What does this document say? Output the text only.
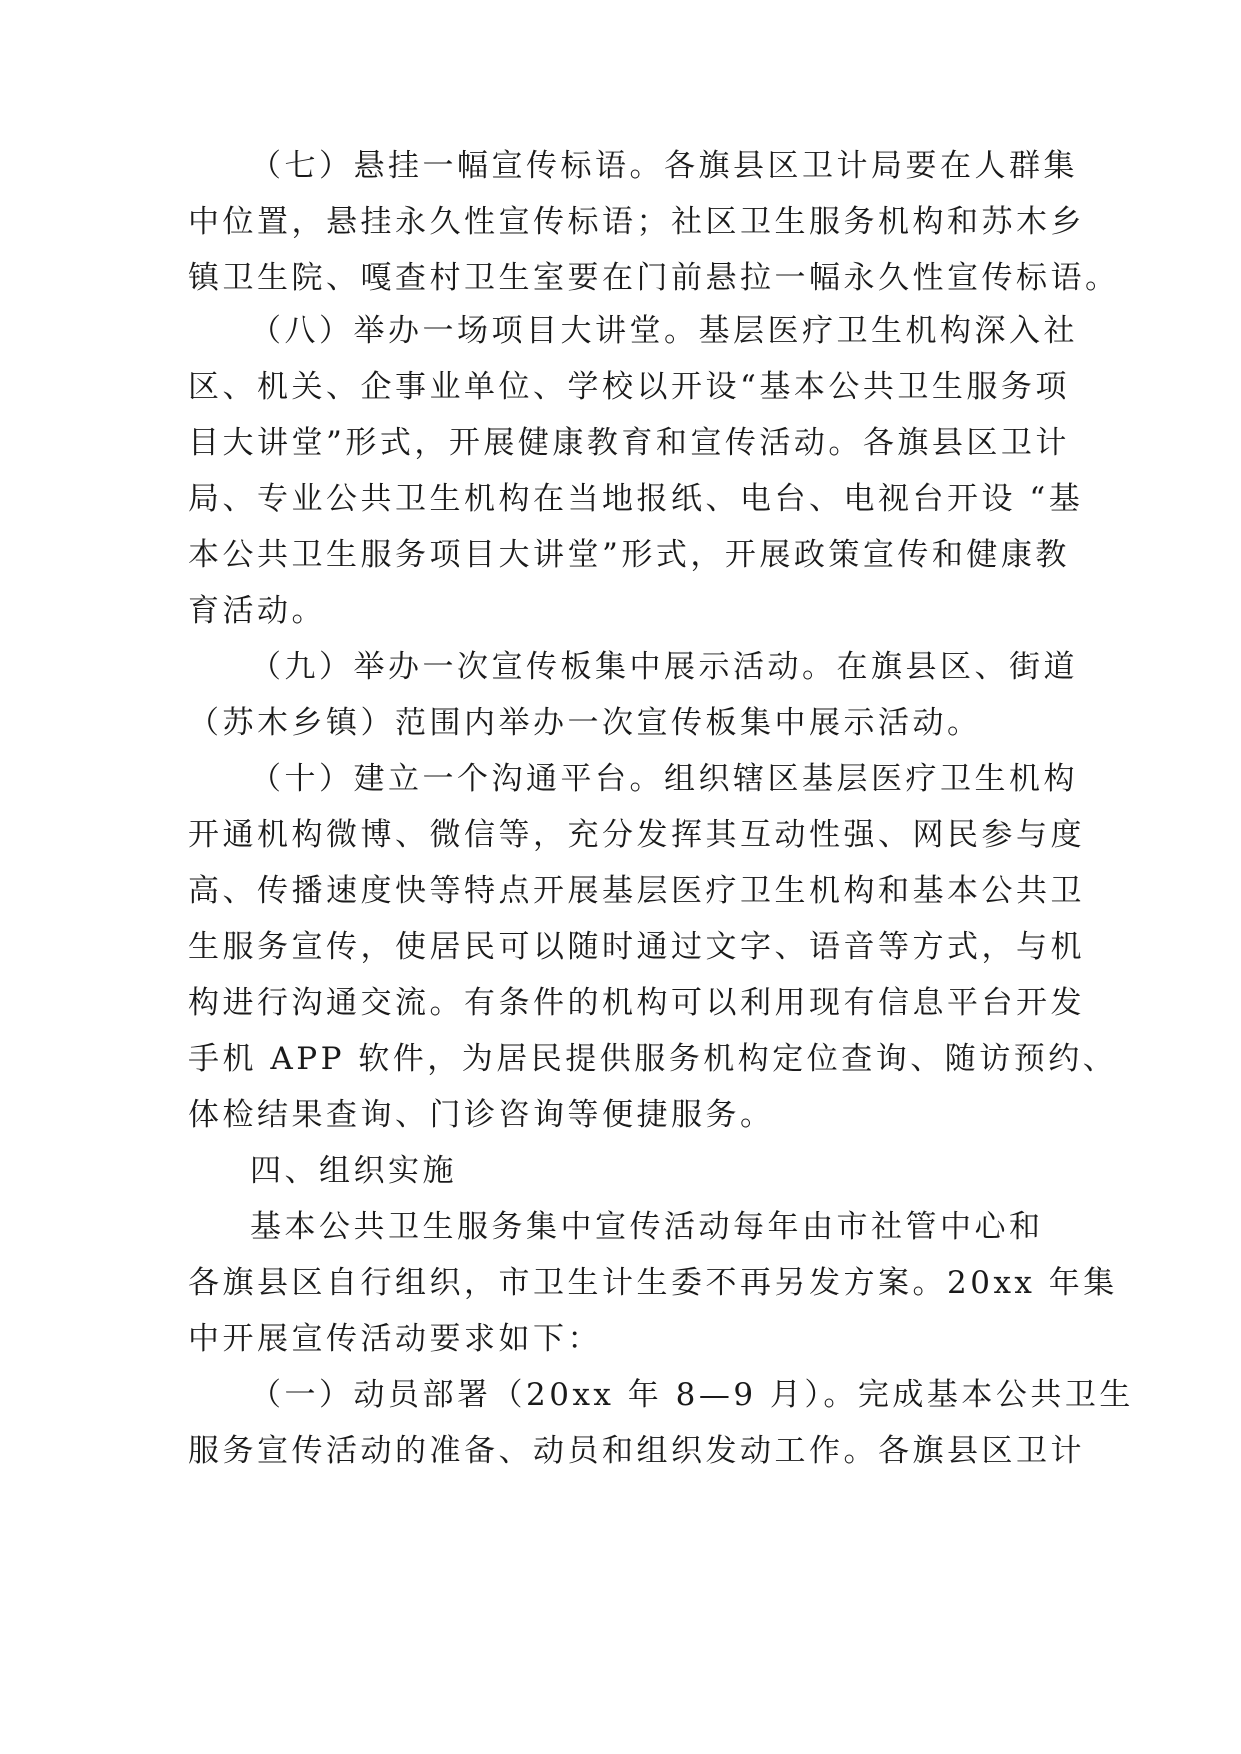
（七）悬挂一幅宣传标语。各旗县区卫计局要在人群集
中位置，悬挂永久性宣传标语；社区卫生服务机构和苏木乡
镇卫生院、嘎查村卫生室要在门前悬拉一幅永久性宣传标语。
（八）举办一场项目大讲堂。基层医疗卫生机构深入社
区、机关、企事业单位、学校以开设“基本公共卫生服务项
目大讲堂”形式，开展健康教育和宣传活动。各旗县区卫计
局、专业公共卫生机构在当地报纸、电台、电视台开设 “基
本公共卫生服务项目大讲堂”形式，开展政策宣传和健康教
育活动。
（九）举办一次宣传板集中展示活动。在旗县区、街道
（苏木乡镇）范围内举办一次宣传板集中展示活动。
（十）建立一个沟通平台。组织辖区基层医疗卫生机构
开通机构微博、微信等，充分发挥其互动性强、网民参与度
高、传播速度快等特点开展基层医疗卫生机构和基本公共卫
生服务宣传，使居民可以随时通过文字、语音等方式，与机
构进行沟通交流。有条件的机构可以利用现有信息平台开发
手机 APP 软件，为居民提供服务机构定位查询、随访预约、
体检结果查询、门诊咨询等便捷服务。
四、组织实施
基本公共卫生服务集中宣传活动每年由市社管中心和
各旗县区自行组织，市卫生计生委不再另发方案。20xx 年集
中开展宣传活动要求如下：
（一）动员部署（20xx 年 8—9 月）。完成基本公共卫生
服务宣传活动的准备、动员和组织发动工作。各旗县区卫计
